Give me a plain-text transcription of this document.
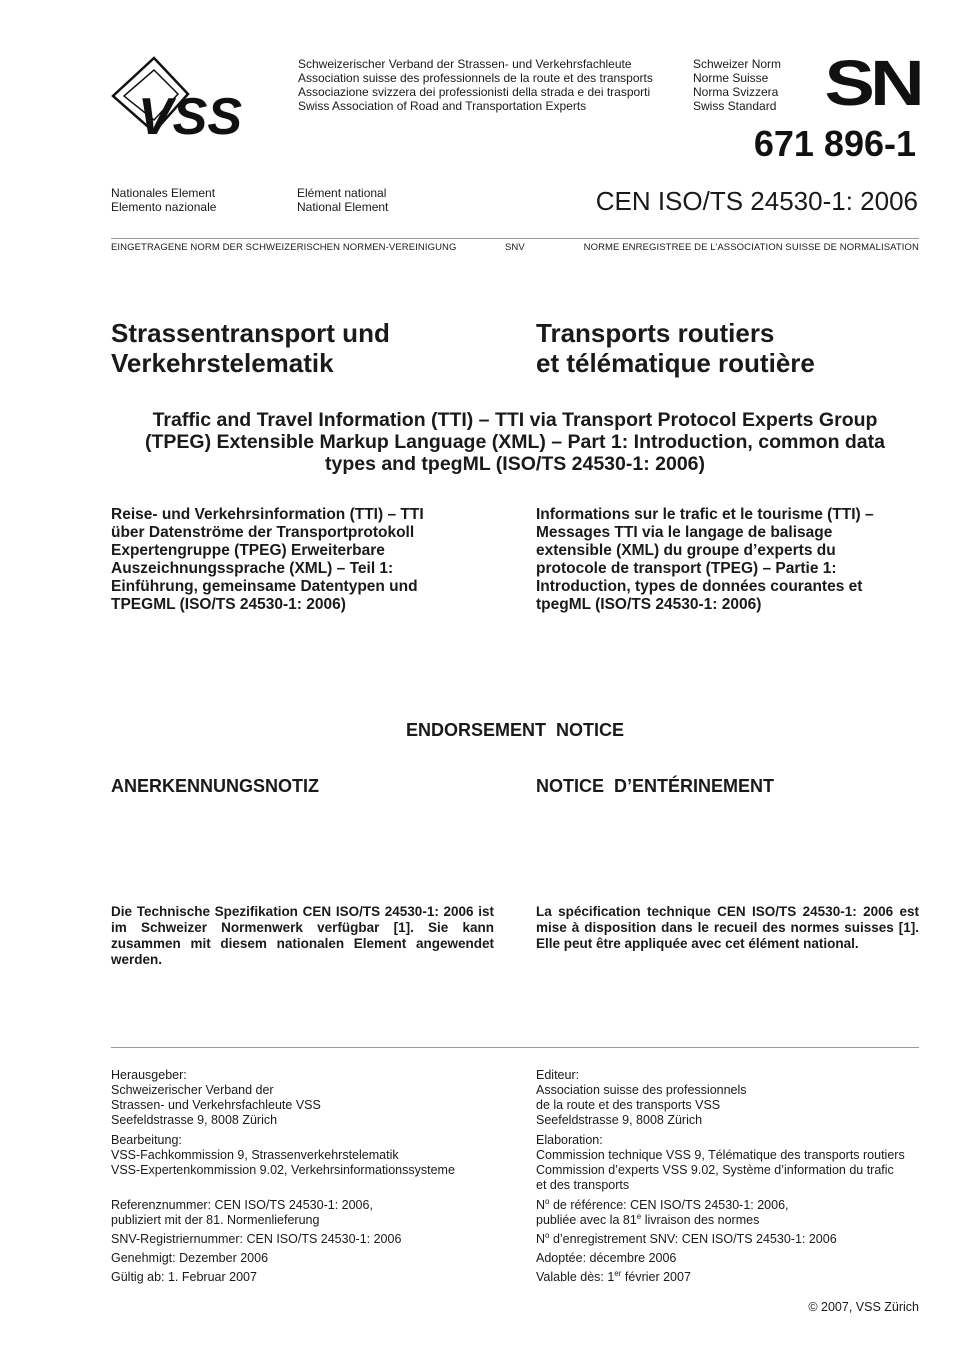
VSS
Schweizerischer Verband der Strassen- und Verkehrsfachleute
Association suisse des professionnels de la route et des transports
Associazione svizzera dei professionisti della strada e dei trasporti
Swiss Association of Road and Transportation Experts
Schweizer Norm
Norme Suisse
Norma Svizzera
Swiss Standard SN
671 896-1
Nationales Element
Elemento nazionale
Elément national
National Element	CEN ISO/TS 24530-1: 2006
EINGETRAGENE NORM DER SCHWEIZERISCHEN NORMEN-VEREINIGUNG	SNV	NORME ENREGISTREE DE L’ASSOCIATION SUISSE DE NORMALISATION
Strassentransport und
Verkehrstelematik
Transports routiers
et télématique routière
Traffic and Travel Information (TTI) – TTI via Transport Protocol Experts Group
(TPEG) Extensible Markup Language (XML) – Part 1: Introduction, common data
types and tpegML (ISO/TS 24530-1: 2006)
Reise- und Verkehrsinformation (TTI) – TTI
über Datenströme der Transportprotokoll
Expertengruppe (TPEG) Erweiterbare
Auszeichnungssprache (XML) – Teil 1:
Einführung, gemeinsame Datentypen und
TPEGML (ISO/TS 24530-1: 2006)
Informations sur le trafic et le tourisme (TTI) –
Messages TTI via le langage de balisage
extensible (XML) du groupe d’experts du
protocole de transport (TPEG) – Partie 1:
Introduction, types de données courantes et
tpegML (ISO/TS 24530-1: 2006)
ENDORSEMENT  NOTICE
ANERKENNUNGSNOTIZ	NOTICE  D’ENTÉRINEMENT

Die Technische Spezifikation CEN ISO/TS 24530-1: 2006 ist im Schweizer Normenwerk verfügbar [1]. Sie kann zusammen mit diesem nationalen Element angewendet werden.

La spécification technique CEN ISO/TS 24530-1: 2006 est mise à disposition dans le recueil des normes suisses [1]. Elle peut être appliquée avec cet élément national.

Herausgeber:
Schweizerischer Verband der
Strassen- und Verkehrsfachleute VSS
Seefeldstrasse 9, 8008 Zürich
Bearbeitung:
VSS-Fachkommission 9, Strassenverkehrstelematik
VSS-Expertenkommission 9.02, Verkehrsinformationssysteme

Referenznummer: CEN ISO/TS 24530-1: 2006,
publiziert mit der 81. Normenlieferung
SNV-Registriernummer: CEN ISO/TS 24530-1: 2006
Genehmigt: Dezember 2006
Gültig ab: 1. Februar 2007
Editeur:
Association suisse des professionnels
de la route et des transports VSS
Seefeldstrasse 9, 8008 Zürich
Elaboration:
Commission technique VSS 9, Télématique des transports routiers
Commission d’experts VSS 9.02, Système d’information du trafic
et des transports
$N^o$ de référence: CEN ISO/TS 24530-1: 2006,
publiée avec la 81e livraison des normes
$N^o$ d’enregistrement SNV: CEN ISO/TS 24530-1: 2006
Adoptée: décembre 2006
Valable dès: 1er février 2007
© 2007, VSS Zürich
